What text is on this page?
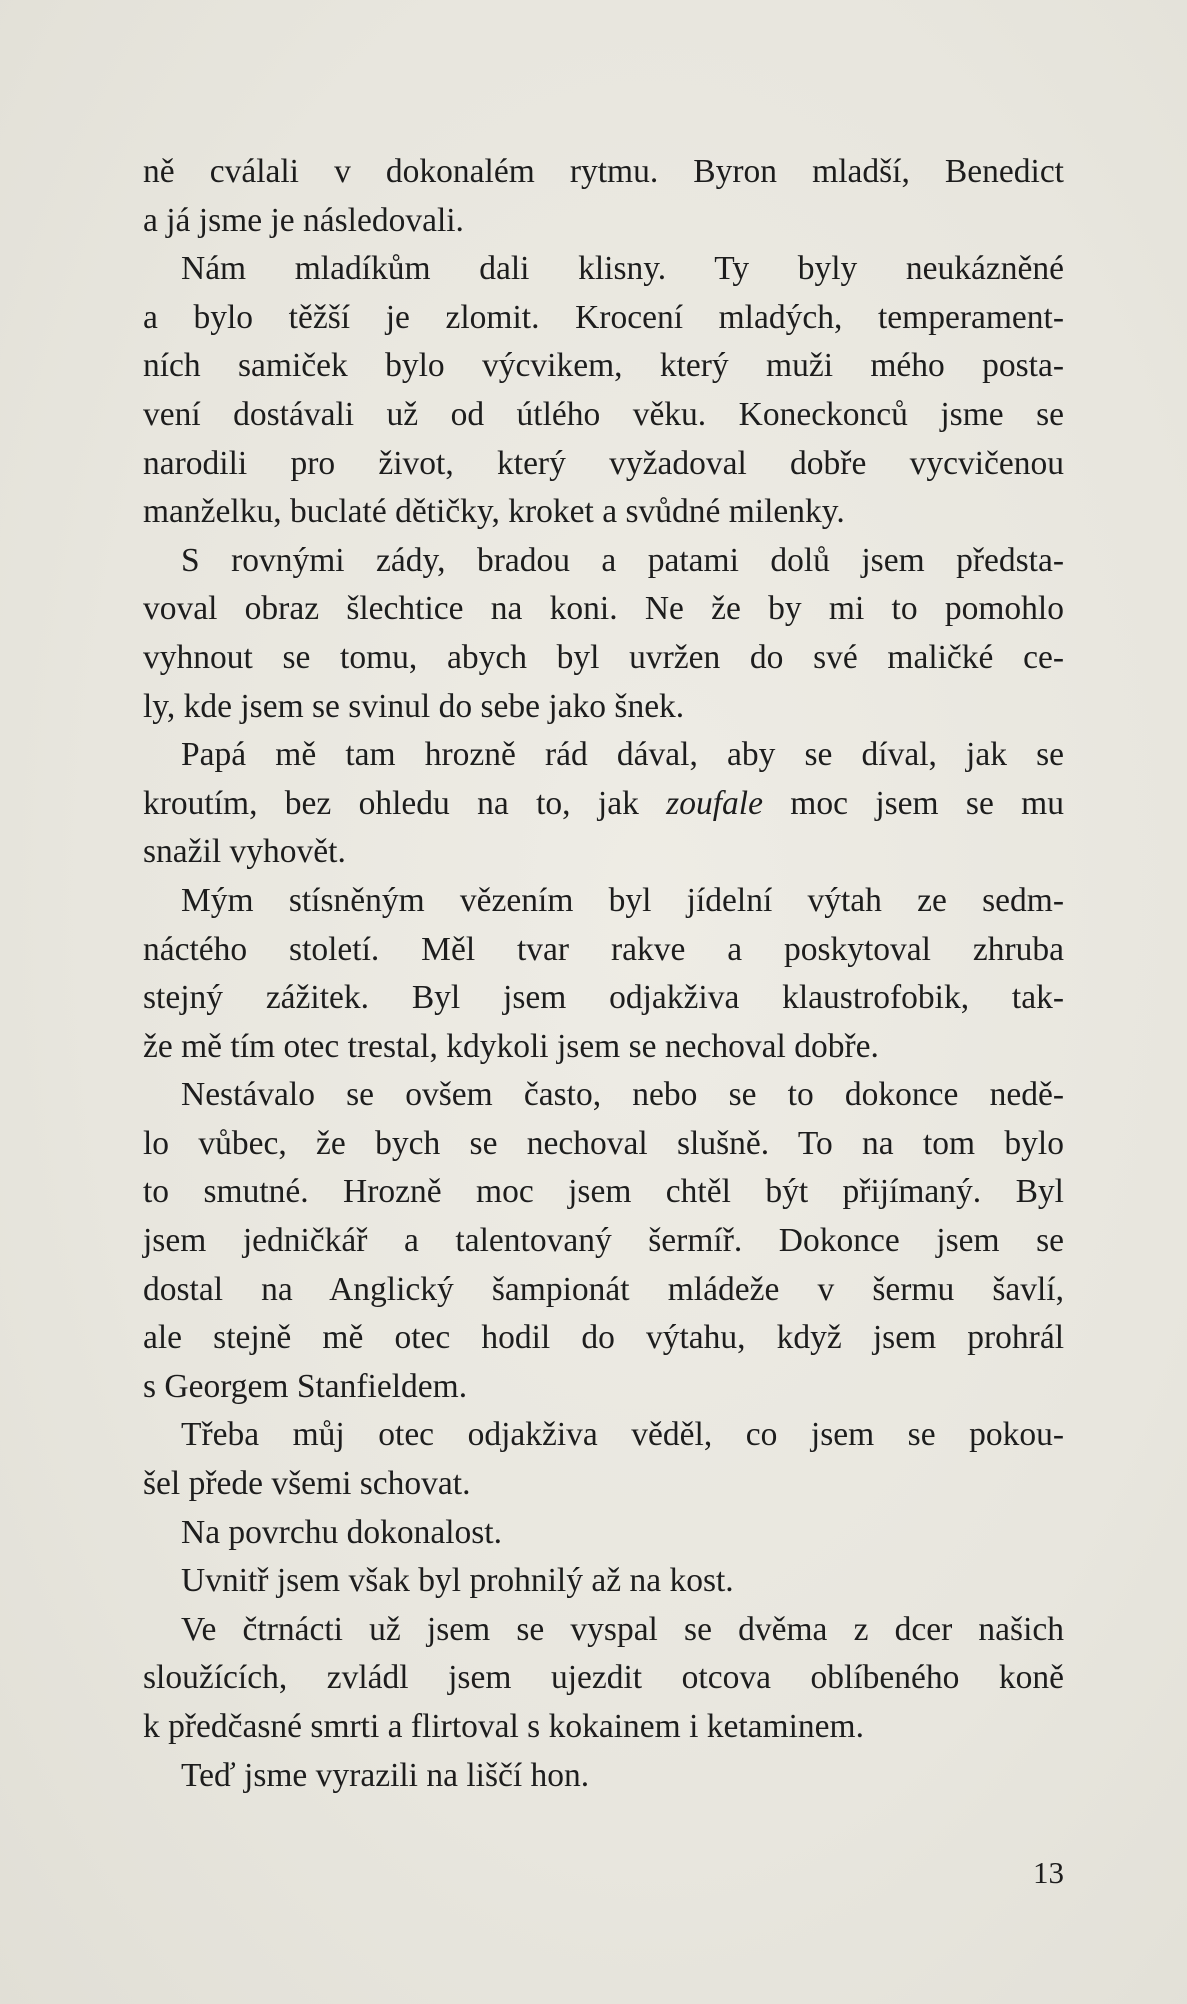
ně cválali v dokonalém rytmu. Byron mladší, Benedict
a já jsme je následovali.
Nám mladíkům dali klisny. Ty byly neukázněné
a bylo těžší je zlomit. Krocení mladých, temperament-
ních samiček bylo výcvikem, který muži mého posta-
vení dostávali už od útlého věku. Koneckonců jsme se
narodili pro život, který vyžadoval dobře vycvičenou
manželku, buclaté dětičky, kroket a svůdné milenky.
S rovnými zády, bradou a patami dolů jsem předsta-
voval obraz šlechtice na koni. Ne že by mi to pomohlo
vyhnout se tomu, abych byl uvržen do své maličké ce-
ly, kde jsem se svinul do sebe jako šnek.
Papá mě tam hrozně rád dával, aby se díval, jak se
kroutím, bez ohledu na to, jak zoufale moc jsem se mu
snažil vyhovět.
Mým stísněným vězením byl jídelní výtah ze sedm-
náctého století. Měl tvar rakve a poskytoval zhruba
stejný zážitek. Byl jsem odjakživa klaustrofobik, tak-
že mě tím otec trestal, kdykoli jsem se nechoval dobře.
Nestávalo se ovšem často, nebo se to dokonce nedě-
lo vůbec, že bych se nechoval slušně. To na tom bylo
to smutné. Hrozně moc jsem chtěl být přijímaný. Byl
jsem jedničkář a talentovaný šermíř. Dokonce jsem se
dostal na Anglický šampionát mládeže v šermu šavlí,
ale stejně mě otec hodil do výtahu, když jsem prohrál
s Georgem Stanfieldem.
Třeba můj otec odjakživa věděl, co jsem se pokou-
šel přede všemi schovat.
Na povrchu dokonalost.
Uvnitř jsem však byl prohnilý až na kost.
Ve čtrnácti už jsem se vyspal se dvěma z dcer našich
sloužících, zvládl jsem ujezdit otcova oblíbeného koně
k předčasné smrti a flirtoval s kokainem i ketaminem.
Teď jsme vyrazili na liščí hon.
13
